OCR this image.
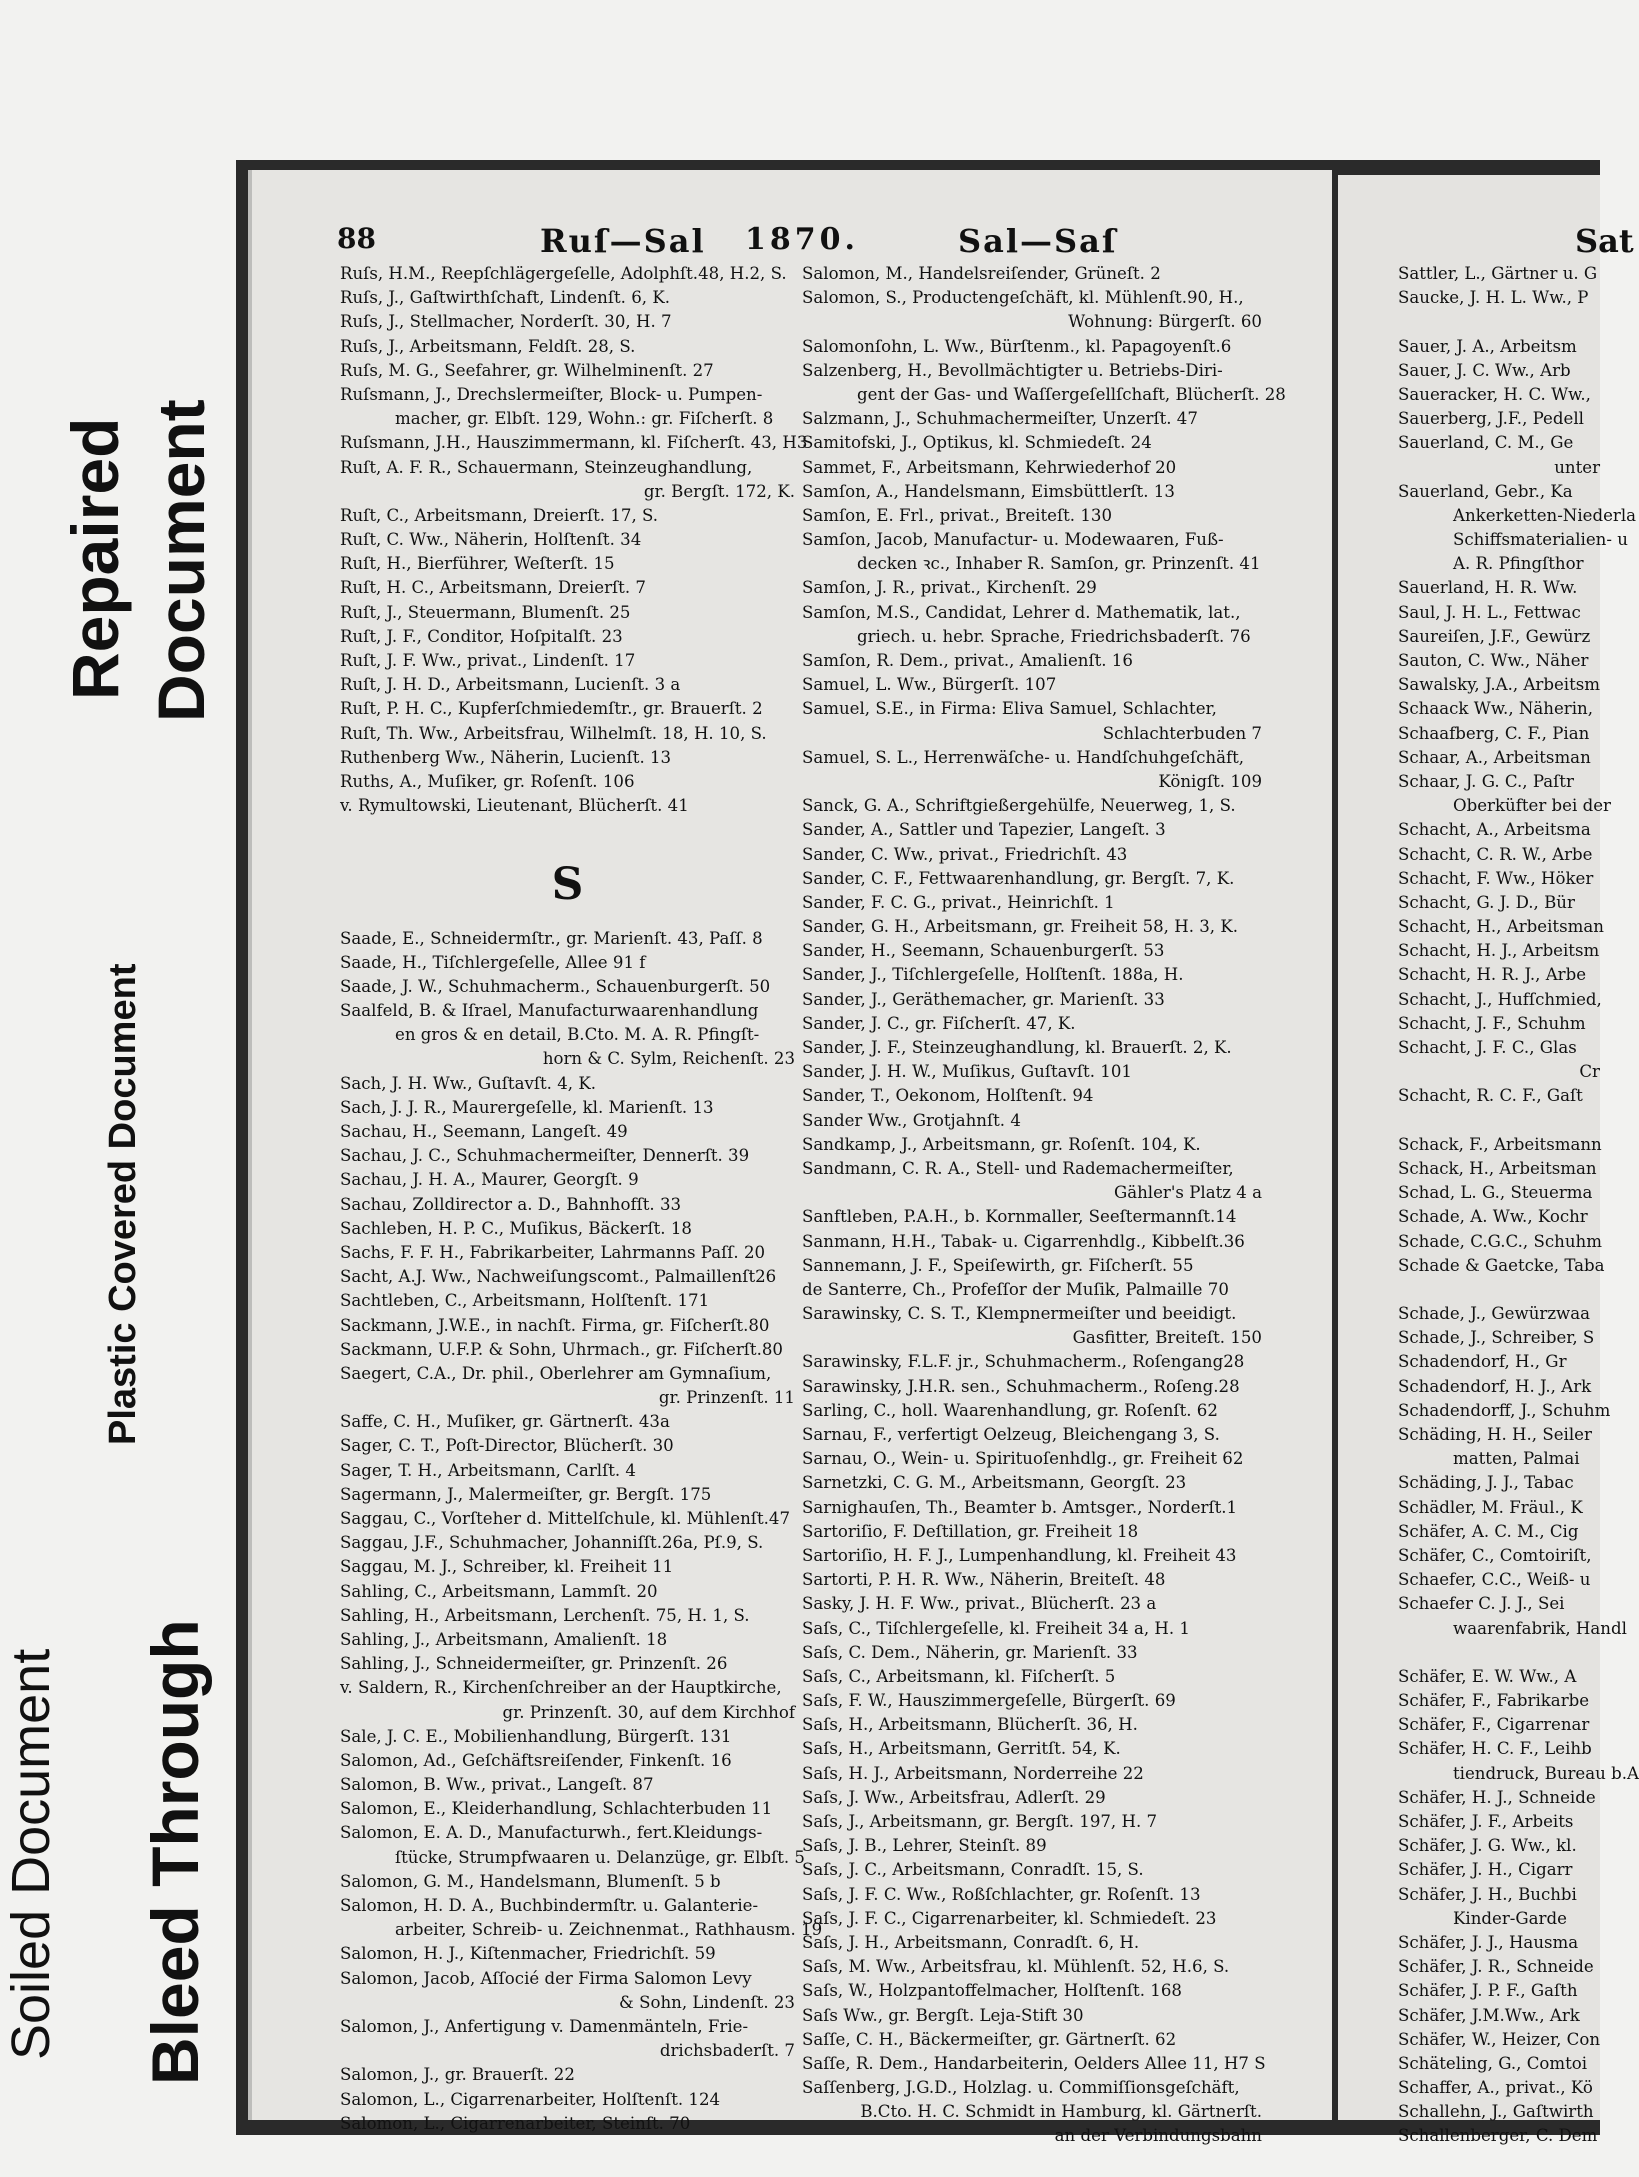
Repaired Document
Plastic Covered Document
Soiled Document Bleed Through
88	Ruſ—Sal 1870.	Sal—Saſ	Sat
Ruſs, H.M., Reepſchlägergeſelle, Adolphſt.48, H.2, S.
Ruſs, J., Gaſtwirthſchaft, Lindenſt. 6, K.
Ruſs, J., Stellmacher, Norderſt. 30, H. 7
Ruſs, J., Arbeitsmann, Feldſt. 28, S.
Ruſs, M. G., Seefahrer, gr. Wilhelminenſt. 27
Ruſsmann, J., Drechslermeiſter, Block- u. Pumpen-
macher, gr. Elbſt. 129, Wohn.: gr. Fiſcherſt. 8
Ruſsmann, J.H., Hauszimmermann, kl. Fiſcherſt. 43, H3
Ruſt, A. F. R., Schauermann, Steinzeughandlung,
gr. Bergſt. 172, K.
Ruſt, C., Arbeitsmann, Dreierſt. 17, S.
Ruſt, C. Ww., Näherin, Holſtenſt. 34
Ruſt, H., Bierführer, Weſterſt. 15
Ruſt, H. C., Arbeitsmann, Dreierſt. 7
Ruſt, J., Steuermann, Blumenſt. 25
Ruſt, J. F., Conditor, Hoſpitalſt. 23
Ruſt, J. F. Ww., privat., Lindenſt. 17
Ruſt, J. H. D., Arbeitsmann, Lucienſt. 3 a
Ruſt, P. H. C., Kupferſchmiedemſtr., gr. Brauerſt. 2
Ruſt, Th. Ww., Arbeitsfrau, Wilhelmſt. 18, H. 10, S.
Ruthenberg Ww., Näherin, Lucienſt. 13
Ruths, A., Muſiker, gr. Roſenſt. 106
v. Rymultowski, Lieutenant, Blücherſt. 41
S
Saade, E., Schneidermſtr., gr. Marienſt. 43, Paſſ. 8
Saade, H., Tiſchlergeſelle, Allee 91 f
Saade, J. W., Schuhmacherm., Schauenburgerſt. 50
Saalfeld, B. & Iſrael, Manufacturwaarenhandlung
en gros & en detail, B.Cto. M. A. R. Pfingſt-
horn & C. Sylm, Reichenſt. 23
Sach, J. H. Ww., Guſtavſt. 4, K.
Sach, J. J. R., Maurergeſelle, kl. Marienſt. 13
Sachau, H., Seemann, Langeſt. 49
Sachau, J. C., Schuhmachermeiſter, Dennerſt. 39
Sachau, J. H. A., Maurer, Georgſt. 9
Sachau, Zolldirector a. D., Bahnhofſt. 33
Sachleben, H. P. C., Muſikus, Bäckerſt. 18
Sachs, F. F. H., Fabrikarbeiter, Lahrmanns Paſſ. 20
Sacht, A.J. Ww., Nachweiſungscomt., Palmaillenſt26
Sachtleben, C., Arbeitsmann, Holſtenſt. 171
Sackmann, J.W.E., in nachſt. Firma, gr. Fiſcherſt.80
Sackmann, U.F.P. & Sohn, Uhrmach., gr. Fiſcherſt.80
Saegert, C.A., Dr. phil., Oberlehrer am Gymnaſium,
gr. Prinzenſt. 11
Saffe, C. H., Muſiker, gr. Gärtnerſt. 43a
Sager, C. T., Poſt-Director, Blücherſt. 30
Sager, T. H., Arbeitsmann, Carlſt. 4
Sagermann, J., Malermeiſter, gr. Bergſt. 175
Saggau, C., Vorſteher d. Mittelſchule, kl. Mühlenſt.47
Saggau, J.F., Schuhmacher, Johanniſſt.26a, Pſ.9, S.
Saggau, M. J., Schreiber, kl. Freiheit 11
Sahling, C., Arbeitsmann, Lammſt. 20
Sahling, H., Arbeitsmann, Lerchenſt. 75, H. 1, S.
Sahling, J., Arbeitsmann, Amalienſt. 18
Sahling, J., Schneidermeiſter, gr. Prinzenſt. 26
v. Saldern, R., Kirchenſchreiber an der Hauptkirche,
gr. Prinzenſt. 30, auf dem Kirchhof
Sale, J. C. E., Mobilienhandlung, Bürgerſt. 131
Salomon, Ad., Geſchäftsreiſender, Finkenſt. 16
Salomon, B. Ww., privat., Langeſt. 87
Salomon, E., Kleiderhandlung, Schlachterbuden 11
Salomon, E. A. D., Manufacturwh., fert.Kleidungs-
ſtücke, Strumpfwaaren u. Delanzüge, gr. Elbſt. 5
Salomon, G. M., Handelsmann, Blumenſt. 5 b
Salomon, H. D. A., Buchbindermſtr. u. Galanterie-
arbeiter, Schreib- u. Zeichnenmat., Rathhausm. 19
Salomon, H. J., Kiſtenmacher, Friedrichſt. 59
Salomon, Jacob, Aſſocié der Firma Salomon Levy
& Sohn, Lindenſt. 23
Salomon, J., Anfertigung v. Damenmänteln, Frie-
drichsbaderſt. 7
Salomon, J., gr. Brauerſt. 22
Salomon, L., Cigarrenarbeiter, Holſtenſt. 124
Salomon, L., Cigarrenarbeiter, Steinſt. 70
Salomon, M., Handelsreiſender, Grüneſt. 2
Salomon, S., Productengeſchäft, kl. Mühlenſt.90, H.,
Wohnung: Bürgerſt. 60
Salomonſohn, L. Ww., Bürſtenm., kl. Papagoyenſt.6
Salzenberg, H., Bevollmächtigter u. Betriebs-Diri-
gent der Gas- und Waſſergeſellſchaft, Blücherſt. 28
Salzmann, J., Schuhmachermeiſter, Unzerſt. 47
Samitofski, J., Optikus, kl. Schmiedeſt. 24
Sammet, F., Arbeitsmann, Kehrwiederhof 20
Samſon, A., Handelsmann, Eimsbüttlerſt. 13
Samſon, E. Frl., privat., Breiteſt. 130
Samſon, Jacob, Manufactur- u. Modewaaren, Fuß-
decken ꝛc., Inhaber R. Samſon, gr. Prinzenſt. 41
Samſon, J. R., privat., Kirchenſt. 29
Samſon, M.S., Candidat, Lehrer d. Mathematik, lat.,
griech. u. hebr. Sprache, Friedrichsbaderſt. 76
Samſon, R. Dem., privat., Amalienſt. 16
Samuel, L. Ww., Bürgerſt. 107
Samuel, S.E., in Firma: Eliva Samuel, Schlachter,
Schlachterbuden 7
Samuel, S. L., Herrenwäſche- u. Handſchuhgeſchäft,
Königſt. 109
Sanck, G. A., Schriftgießergehülfe, Neuerweg, 1, S.
Sander, A., Sattler und Tapezier, Langeſt. 3
Sander, C. Ww., privat., Friedrichſt. 43
Sander, C. F., Fettwaarenhandlung, gr. Bergſt. 7, K.
Sander, F. C. G., privat., Heinrichſt. 1
Sander, G. H., Arbeitsmann, gr. Freiheit 58, H. 3, K.
Sander, H., Seemann, Schauenburgerſt. 53
Sander, J., Tiſchlergeſelle, Holſtenſt. 188a, H.
Sander, J., Geräthemacher, gr. Marienſt. 33
Sander, J. C., gr. Fiſcherſt. 47, K.
Sander, J. F., Steinzeughandlung, kl. Brauerſt. 2, K.
Sander, J. H. W., Muſikus, Guſtavſt. 101
Sander, T., Oekonom, Holſtenſt. 94
Sander Ww., Grotjahnſt. 4
Sandkamp, J., Arbeitsmann, gr. Roſenſt. 104, K.
Sandmann, C. R. A., Stell- und Rademachermeiſter,
Gähler's Platz 4 a
Sanftleben, P.A.H., b. Kornmaller, Seeſtermannſt.14
Sanmann, H.H., Tabak- u. Cigarrenhdlg., Kibbelſt.36
Sannemann, J. F., Speiſewirth, gr. Fiſcherſt. 55
de Santerre, Ch., Profeſſor der Muſik, Palmaille 70
Sarawinsky, C. S. T., Klempnermeiſter und beeidigt.
Gasfitter, Breiteſt. 150
Sarawinsky, F.L.F. jr., Schuhmacherm., Roſengang28
Sarawinsky, J.H.R. sen., Schuhmacherm., Roſeng.28
Sarling, C., holl. Waarenhandlung, gr. Roſenſt. 62
Sarnau, F., verfertigt Oelzeug, Bleichengang 3, S.
Sarnau, O., Wein- u. Spirituoſenhdlg., gr. Freiheit 62
Sarnetzki, C. G. M., Arbeitsmann, Georgſt. 23
Sarnighauſen, Th., Beamter b. Amtsger., Norderſt.1
Sartoriſio, F. Deſtillation, gr. Freiheit 18
Sartoriſio, H. F. J., Lumpenhandlung, kl. Freiheit 43
Sartorti, P. H. R. Ww., Näherin, Breiteſt. 48
Sasky, J. H. F. Ww., privat., Blücherſt. 23 a
Saſs, C., Tiſchlergeſelle, kl. Freiheit 34 a, H. 1
Saſs, C. Dem., Näherin, gr. Marienſt. 33
Saſs, C., Arbeitsmann, kl. Fiſcherſt. 5
Saſs, F. W., Hauszimmergeſelle, Bürgerſt. 69
Saſs, H., Arbeitsmann, Blücherſt. 36, H.
Saſs, H., Arbeitsmann, Gerritſt. 54, K.
Saſs, H. J., Arbeitsmann, Norderreihe 22
Saſs, J. Ww., Arbeitsfrau, Adlerſt. 29
Saſs, J., Arbeitsmann, gr. Bergſt. 197, H. 7
Saſs, J. B., Lehrer, Steinſt. 89
Saſs, J. C., Arbeitsmann, Conradſt. 15, S.
Saſs, J. F. C. Ww., Roßſchlachter, gr. Roſenſt. 13
Saſs, J. F. C., Cigarrenarbeiter, kl. Schmiedeſt. 23
Saſs, J. H., Arbeitsmann, Conradſt. 6, H.
Saſs, M. Ww., Arbeitsfrau, kl. Mühlenſt. 52, H.6, S.
Saſs, W., Holzpantoffelmacher, Holſtenſt. 168
Saſs Ww., gr. Bergſt. Leja-Stift 30
Saſſe, C. H., Bäckermeiſter, gr. Gärtnerſt. 62
Saſſe, R. Dem., Handarbeiterin, Oelders Allee 11, H7 S
Saſſenberg, J.G.D., Holzlag. u. Commiſſionsgeſchäft,
B.Cto. H. C. Schmidt in Hamburg, kl. Gärtnerſt.
an der Verbindungsbahn
Sattler, L., Gärtner u. G
Saucke, J. H. L. Ww., P
Sauer, J. A., Arbeitsm
Sauer, J. C. Ww., Arb
Saueracker, H. C. Ww.,
Sauerberg, J.F., Pedell
Sauerland, C. M., Ge
unter
Sauerland, Gebr., Ka
Ankerketten-Niederla
Schiffsmaterialien- u
A. R. Pfingſthor
Sauerland, H. R. Ww.
Saul, J. H. L., Fettwac
Saureiſen, J.F., Gewürz
Sauton, C. Ww., Näher
Sawalsky, J.A., Arbeitsm
Schaack Ww., Näherin,
Schaafberg, C. F., Pian
Schaar, A., Arbeitsman
Schaar, J. G. C., Paſtr
Oberküfter bei der
Schacht, A., Arbeitsma
Schacht, C. R. W., Arbe
Schacht, F. Ww., Höker
Schacht, G. J. D., Bür
Schacht, H., Arbeitsman
Schacht, H. J., Arbeitsm
Schacht, H. R. J., Arbe
Schacht, J., Hufſchmied,
Schacht, J. F., Schuhm
Schacht, J. F. C., Glas
Cr
Schacht, R. C. F., Gaſt
Schack, F., Arbeitsmann
Schack, H., Arbeitsman
Schad, L. G., Steuerma
Schade, A. Ww., Kochr
Schade, C.G.C., Schuhm
Schade & Gaetcke, Taba
Schade, J., Gewürzwaa
Schade, J., Schreiber, S
Schadendorf, H., Gr
Schadendorf, H. J., Ark
Schadendorff, J., Schuhm
Schäding, H. H., Seiler
matten, Palmai
Schäding, J. J., Tabac
Schädler, M. Fräul., K
Schäfer, A. C. M., Cig
Schäfer, C., Comtoiriſt,
Schaefer, C.C., Weiß- u
Schaefer C. J. J., Sei
waarenfabrik, Handl
Schäfer, E. W. Ww., A
Schäfer, F., Fabrikarbe
Schäfer, F., Cigarrenar
Schäfer, H. C. F., Leihb
tiendruck, Bureau b.A
Schäfer, H. J., Schneide
Schäfer, J. F., Arbeits
Schäfer, J. G. Ww., kl.
Schäfer, J. H., Cigarr
Schäfer, J. H., Buchbi
Kinder-Garde
Schäfer, J. J., Hausma
Schäfer, J. R., Schneide
Schäfer, J. P. F., Gaſth
Schäfer, J.M.Ww., Ark
Schäfer, W., Heizer, Con
Schäteling, G., Comtoi
Schaffer, A., privat., Kö
Schallehn, J., Gaſtwirth
Schallenberger, C. Dem
